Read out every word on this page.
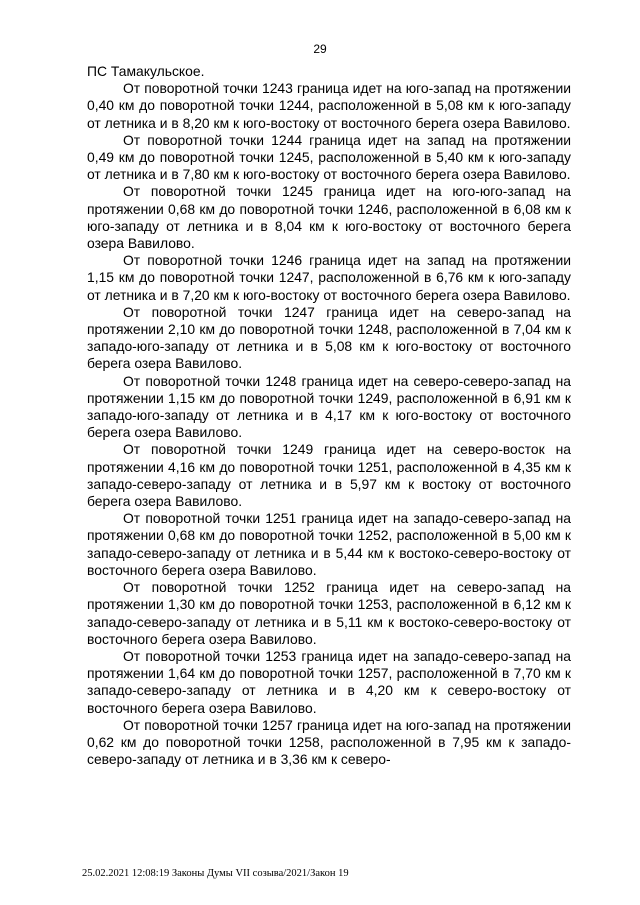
29

ПС Тамакульское.

От поворотной точки 1243 граница идет на юго-запад на протяжении 0,40 км до поворотной точки 1244, расположенной в 5,08 км к юго-западу от летника и в 8,20 км к юго-востоку от восточного берега озера Вавилово.

От поворотной точки 1244 граница идет на запад на протяжении 0,49 км до поворотной точки 1245, расположенной в 5,40 км к юго-западу от летника и в 7,80 км к юго-востоку от восточного берега озера Вавилово.

От поворотной точки 1245 граница идет на юго-юго-запад на протяжении 0,68 км до поворотной точки 1246, расположенной в 6,08 км к юго-западу от летника и в 8,04 км к юго-востоку от восточного берега озера Вавилово.

От поворотной точки 1246 граница идет на запад на протяжении 1,15 км до поворотной точки 1247, расположенной в 6,76 км к юго-западу от летника и в 7,20 км к юго-востоку от восточного берега озера Вавилово.

От поворотной точки 1247 граница идет на северо-запад на протяжении 2,10 км до поворотной точки 1248, расположенной в 7,04 км к западо-юго-западу от летника и в 5,08 км к юго-востоку от восточного берега озера Вавилово.

От поворотной точки 1248 граница идет на северо-северо-запад на протяжении 1,15 км до поворотной точки 1249, расположенной в 6,91 км к западо-юго-западу от летника и в 4,17 км к юго-востоку от восточного берега озера Вавилово.

От поворотной точки 1249 граница идет на северо-восток на протяжении 4,16 км до поворотной точки 1251, расположенной в 4,35 км к западо-северо-западу от летника и в 5,97 км к востоку от восточного берега озера Вавилово.

От поворотной точки 1251 граница идет на западо-северо-запад на протяжении 0,68 км до поворотной точки 1252, расположенной в 5,00 км к западо-северо-западу от летника и в 5,44 км к востоко-северо-востоку от восточного берега озера Вавилово.

От поворотной точки 1252 граница идет на северо-запад на протяжении 1,30 км до поворотной точки 1253, расположенной в 6,12 км к западо-северо-западу от летника и в 5,11 км к востоко-северо-востоку от восточного берега озера Вавилово.

От поворотной точки 1253 граница идет на западо-северо-запад на протяжении 1,64 км до поворотной точки 1257, расположенной в 7,70 км к западо-северо-западу от летника и в 4,20 км к северо-востоку от восточного берега озера Вавилово.

От поворотной точки 1257 граница идет на юго-запад на протяжении 0,62 км до поворотной точки 1258, расположенной в 7,95 км к западо-северо-западу от летника и в 3,36 км к северо-

25.02.2021 12:08:19 Законы Думы VII созыва/2021/Закон 19
